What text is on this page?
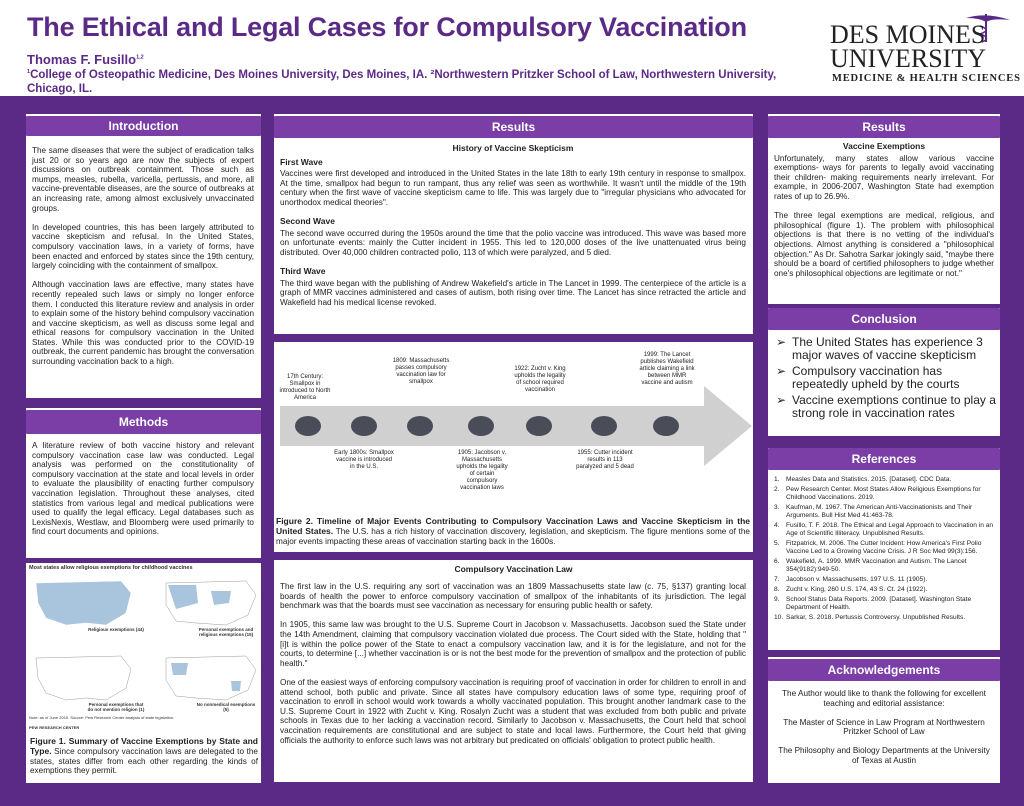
The Ethical and Legal Cases for Compulsory Vaccination
Thomas F. Fusillo$^{1,2}$
$^1$College of Osteopathic Medicine, Des Moines University, Des Moines, IA. ²Northwestern Pritzker School of Law, Northwestern University, Chicago, IL.
DES MOINES
UNIVERSITY
MEDICINE & HEALTH SCIENCES
Introduction

The same diseases that were the subject of eradication talks just 20 or so years ago are now the subjects of expert discussions on outbreak containment. Those such as mumps, measles, rubella, varicella, pertussis, and more, all vaccine-preventable diseases, are the source of outbreaks at an increasing rate, among almost exclusively unvaccinated groups.

In developed countries, this has been largely attributed to vaccine skepticism and refusal. In the United States, compulsory vaccination laws, in a variety of forms, have been enacted and enforced by states since the 19th century, largely coinciding with the containment of smallpox.

Although vaccination laws are effective, many states have recently repealed such laws or simply no longer enforce them. I conducted this literature review and analysis in order to explain some of the history behind compulsory vaccination and vaccine skepticism, as well as discuss some legal and ethical reasons for compulsory vaccination in the United States. While this was conducted prior to the COVID-19 outbreak, the current pandemic has brought the conversation surrounding vaccination back to a high.

Methods
A literature review of both vaccine history and relevant compulsory vaccination case law was conducted. Legal analysis was performed on the constitutionality of compulsory vaccination at the state and local levels in order to evaluate the plausibility of enacting further compulsory vaccination legislation. Throughout these analyses, cited statistics from various legal and medical publications were used to qualify the legal efficacy. Legal databases such as LexisNexis, Westlaw, and Bloomberg were used primarily to find court documents and opinions.
Most states allow religious exemptions for childhood vaccines
Religious exemptions (44)	Personal exemptions and religious exemptions (15)
Personal exemptions that do not mention religion (1)
No nonmedical exemptions (5)
Note: as of June 2019. Source: Pew Research Center analysis of state legislation.
PEW RESEARCH CENTER
Figure 1. Summary of Vaccine Exemptions by State and Type. Since compulsory vaccination laws are delegated to the states, states differ from each other regarding the kinds of exemptions they permit.
Results
History of Vaccine Skepticism
First Wave

Vaccines were first developed and introduced in the United States in the late 18th to early 19th century in response to smallpox. At the time, smallpox had begun to run rampant, thus any relief was seen as worthwhile. It wasn't until the middle of the 19th century when the first wave of vaccine skepticism came to life. This was largely due to "irregular physicians who advocated for unorthodox medical theories".

Second Wave

The second wave occurred during the 1950s around the time that the polio vaccine was introduced. This wave was based more on unfortunate events: mainly the Cutter incident in 1955. This led to 120,000 doses of the live unattenuated virus being distributed. Over 40,000 children contracted polio, 113 of which were paralyzed, and 5 died.

Third Wave

The third wave began with the publishing of Andrew Wakefield's article in The Lancet in 1999. The centerpiece of the article is a graph of MMR vaccines administered and cases of autism, both rising over time. The Lancet has since retracted the article and Wakefield had his medical license revoked.

17th Century: Smallpox in introduced to North America
Early 1800s: Smallpox vaccine is introduced in the U.S.
1809: Massachusetts passes compulsory vaccination law for smallpox
1905: Jacobson v. Massachusetts upholds the legality of certain compulsory vaccination laws
1922: Zucht v. King upholds the legality of school required vaccination
1955: Cutter incident results in 113 paralyzed and 5 dead
1999: The Lancet publishes Wakefield article claiming a link between MMR vaccine and autism
Figure 2. Timeline of Major Events Contributing to Compulsory Vaccination Laws and Vaccine Skepticism in the United States. The U.S. has a rich history of vaccination discovery, legislation, and skepticism. The figure mentions some of the major events impacting these areas of vaccination starting back in the 1600s.
Compulsory Vaccination Law

The first law in the U.S. requiring any sort of vaccination was an 1809 Massachusetts state law (c. 75, §137) granting local boards of health the power to enforce compulsory vaccination of smallpox of the inhabitants of its jurisdiction. The legal benchmark was that the boards must see vaccination as necessary for ensuring public health or safety.

In 1905, this same law was brought to the U.S. Supreme Court in Jacobson v. Massachusetts. Jacobson sued the State under the 14th Amendment, claiming that compulsory vaccination violated due process. The Court sided with the State, holding that "[i]t is within the police power of the State to enact a compulsory vaccination law, and it is for the legislature, and not for the courts, to determine [...] whether vaccination is or is not the best mode for the prevention of smallpox and the protection of public health."

One of the easiest ways of enforcing compulsory vaccination is requiring proof of vaccination in order for children to enroll in and attend school, both public and private. Since all states have compulsory education laws of some type, requiring proof of vaccination to enroll in school would work towards a wholly vaccinated population. This brought another landmark case to the U.S. Supreme Court in 1922 with Zucht v. King. Rosalyn Zucht was a student that was excluded from both public and private schools in Texas due to her lacking a vaccination record. Similarly to Jacobson v. Massachusetts, the Court held that school vaccination requirements are constitutional and are subject to state and local laws. Furthermore, the Court held that giving officials the authority to enforce such laws was not arbitrary but predicated on officials' obligation to protect public health.

Results
Vaccine Exemptions

Unfortunately, many states allow various vaccine exemptions- ways for parents to legally avoid vaccinating their children- making requirements nearly irrelevant. For example, in 2006-2007, Washington State had exemption rates of up to 26.9%.

The three legal exemptions are medical, religious, and philosophical (figure 1). The problem with philosophical objections is that there is no vetting of the individual's objections. Almost anything is considered a "philosophical objection." As Dr. Sahotra Sarkar jokingly said, "maybe there should be a board of certified philosophers to judge whether one's philosophical objections are legitimate or not."

Conclusion
➢ The United States has experience 3 major waves of vaccine skepticism
➢ Compulsory vaccination has repeatedly upheld by the courts
➢ Vaccine exemptions continue to play a strong role in vaccination rates
References
1. Measles Data and Statistics. 2015. [Dataset]. CDC Data.
2. Pew Research Center. Most States Allow Religious Exemptions for Childhood Vaccinations. 2019.
3. Kaufman, M. 1967. The American Anti-Vaccinationists and Their Arguments. Bull Hist Med 41:463-78.
4. Fusillo, T. F. 2018. The Ethical and Legal Approach to Vaccination in an Age of Scientific Illiteracy. Unpublished Results.
5. Fitzpatrick, M. 2006. The Cutter Incident: How America's First Polio Vaccine Led to a Growing Vaccine Crisis. J R Soc Med 99(3):156.
6. Wakefield, A. 1999. MMR Vaccination and Autism. The Lancet 354(9182):949-50.
7. Jacobson v. Massachusetts. 197 U.S. 11 (1905).
8. Zucht v. King, 260 U.S. 174, 43 S. Ct. 24 (1922).
9. School Status Data Reports. 2009. [Dataset]. Washington State Department of Health.
10. Sarkar, S. 2018. Pertussis Controversy. Unpublished Results.
Acknowledgements
The Author would like to thank the following for excellent teaching and editorial assistance:
The Master of Science in Law Program at Northwestern Pritzker School of Law
The Philosophy and Biology Departments at the University of Texas at Austin
